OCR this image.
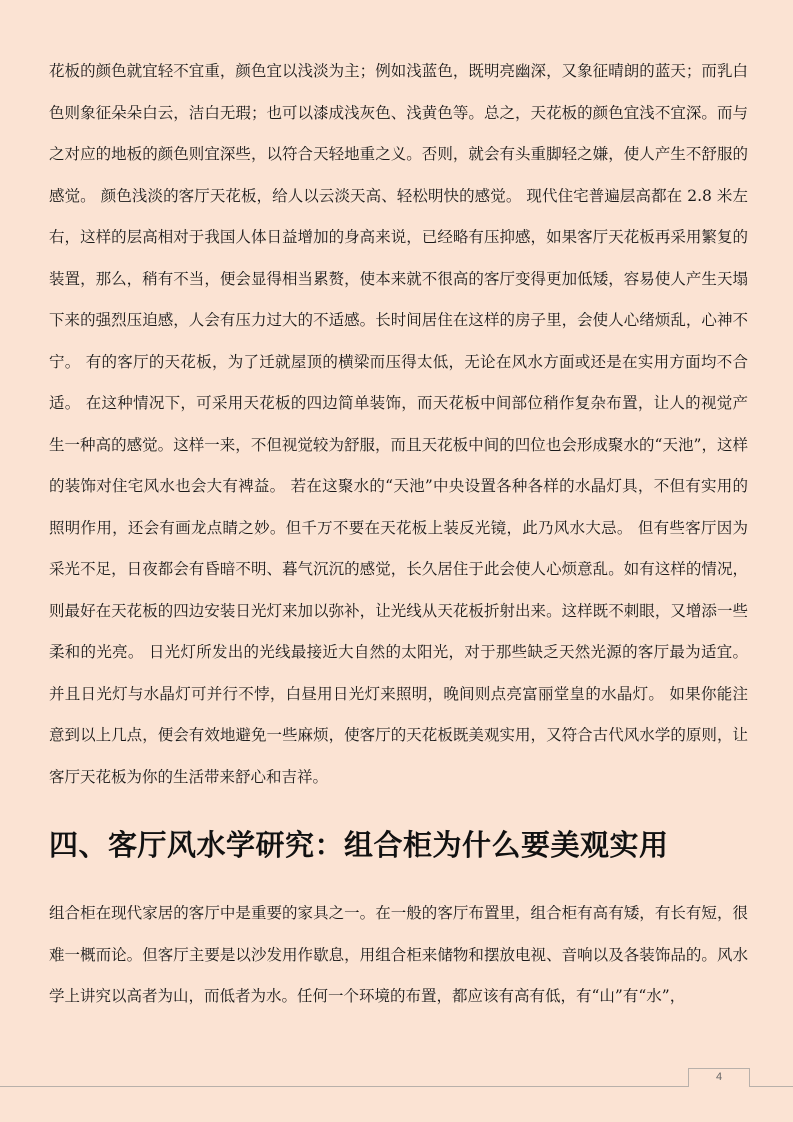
花板的颜色就宜轻不宜重，颜色宜以浅淡为主；例如浅蓝色，既明亮幽深，又象征晴朗的蓝天；而乳白色则象征朵朵白云，洁白无瑕；也可以漆成浅灰色、浅黄色等。总之，天花板的颜色宜浅不宜深。而与之对应的地板的颜色则宜深些，以符合天轻地重之义。否则，就会有头重脚轻之嫌，使人产生不舒服的感觉。 颜色浅淡的客厅天花板，给人以云淡天高、轻松明快的感觉。 现代住宅普遍层高都在 2.8 米左右，这样的层高相对于我国人体日益增加的身高来说，已经略有压抑感，如果客厅天花板再采用繁复的装置，那么，稍有不当，便会显得相当累赘，使本来就不很高的客厅变得更加低矮，容易使人产生天塌下来的强烈压迫感，人会有压力过大的不适感。长时间居住在这样的房子里，会使人心绪烦乱，心神不宁。 有的客厅的天花板，为了迁就屋顶的横梁而压得太低，无论在风水方面或还是在实用方面均不合适。 在这种情况下，可采用天花板的四边简单装饰，而天花板中间部位稍作复杂布置，让人的视觉产生一种高的感觉。这样一来，不但视觉较为舒服，而且天花板中间的凹位也会形成聚水的“天池”，这样的装饰对住宅风水也会大有裨益。 若在这聚水的“天池”中央设置各种各样的水晶灯具，不但有实用的照明作用，还会有画龙点睛之妙。但千万不要在天花板上装反光镜，此乃风水大忌。 但有些客厅因为采光不足，日夜都会有昏暗不明、暮气沉沉的感觉，长久居住于此会使人心烦意乱。如有这样的情况，则最好在天花板的四边安装日光灯来加以弥补，让光线从天花板折射出来。这样既不刺眼，又增添一些柔和的光亮。 日光灯所发出的光线最接近大自然的太阳光，对于那些缺乏天然光源的客厅最为适宜。并且日光灯与水晶灯可并行不悖，白昼用日光灯来照明，晚间则点亮富丽堂皇的水晶灯。 如果你能注意到以上几点，便会有效地避免一些麻烦，使客厅的天花板既美观实用，又符合古代风水学的原则，让客厅天花板为你的生活带来舒心和吉祥。

四、客厅风水学研究：组合柜为什么要美观实用

组合柜在现代家居的客厅中是重要的家具之一。在一般的客厅布置里，组合柜有高有矮，有长有短，很难一概而论。但客厅主要是以沙发用作歇息，用组合柜来储物和摆放电视、音响以及各装饰品的。风水学上讲究以高者为山，而低者为水。任何一个环境的布置，都应该有高有低，有“山”有“水”，

4
